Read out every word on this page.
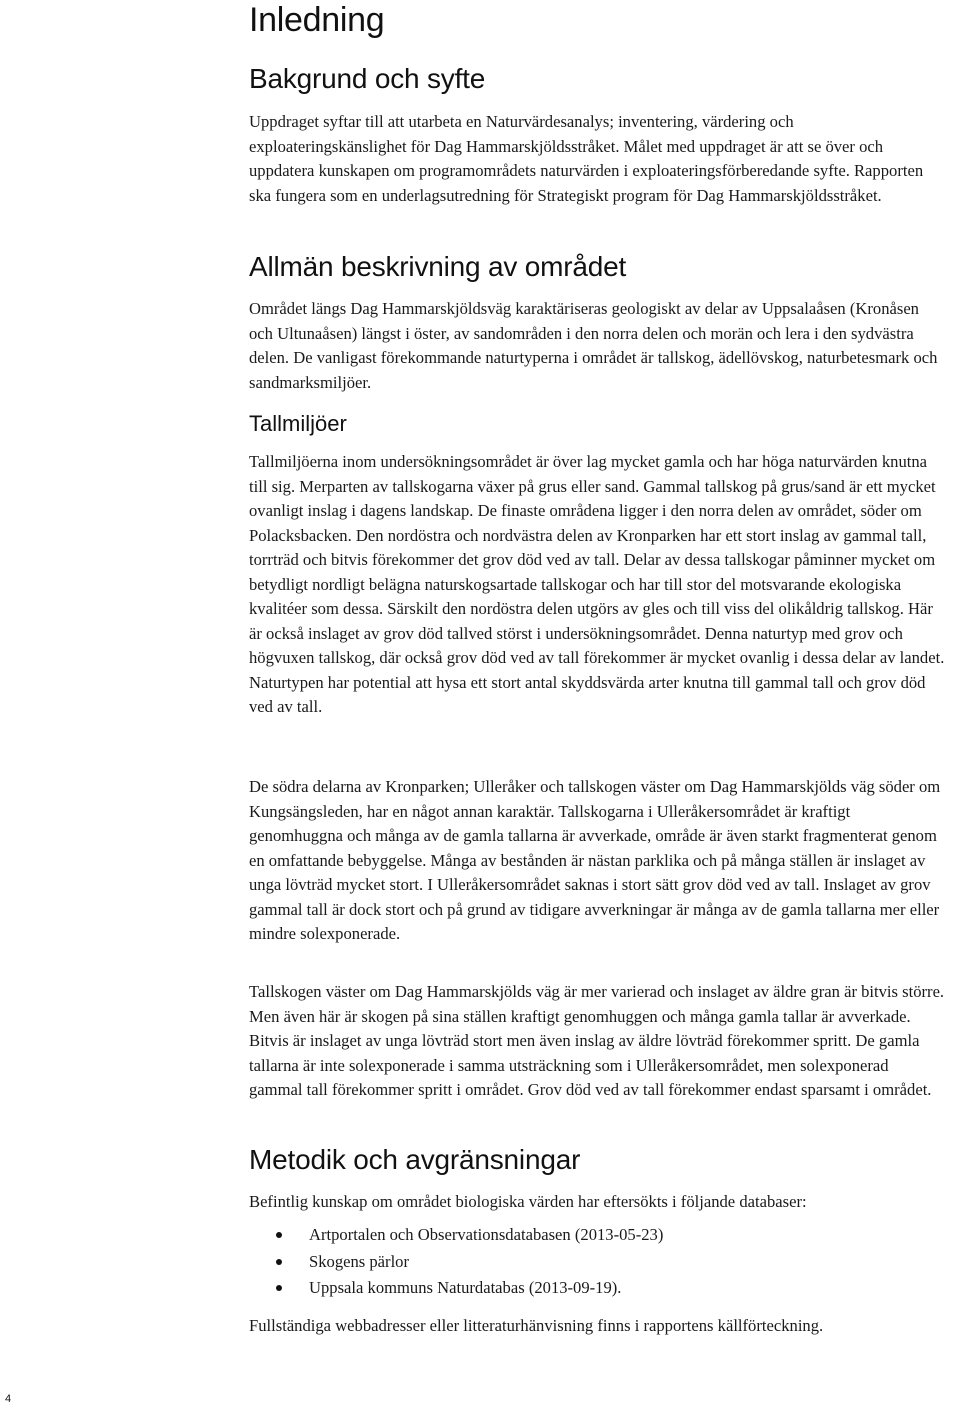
Inledning
Bakgrund och syfte

Uppdraget syftar till att utarbeta en Naturvärdesanalys; inventering, värdering och exploateringskänslighet för Dag Hammarskjöldsstråket. Målet med uppdraget är att se över och uppdatera kunskapen om programområdets naturvärden i exploateringsförberedande syfte. Rapporten ska fungera som en underlagsutredning för Strategiskt program för Dag Hammarskjöldsstråket.

Allmän beskrivning av området

Området längs Dag Hammarskjöldsväg karaktäriseras geologiskt av delar av Uppsalaåsen (Kronåsen och Ultunaåsen) längst i öster, av sandområden i den norra delen och morän och lera i den sydvästra delen. De vanligast förekommande naturtyperna i området är tallskog, ädellövskog, naturbetesmark och sandmarksmiljöer.

Tallmiljöer

Tallmiljöerna inom undersökningsområdet är över lag mycket gamla och har höga naturvärden knutna till sig. Merparten av tallskogarna växer på grus eller sand. Gammal tallskog på grus/sand är ett mycket ovanligt inslag i dagens landskap. De finaste områdena ligger i den norra delen av området, söder om Polacksbacken. Den nordöstra och nordvästra delen av Kronparken har ett stort inslag av gammal tall, torrträd och bitvis förekommer det grov död ved av tall. Delar av dessa tallskogar påminner mycket om betydligt nordligt belägna naturskogsartade tallskogar och har till stor del motsvarande ekologiska kvalitéer som dessa. Särskilt den nordöstra delen utgörs av gles och till viss del olikåldrig tallskog. Här är också inslaget av grov död tallved störst i undersökningsområdet. Denna naturtyp med grov och högvuxen tallskog, där också grov död ved av tall förekommer är mycket ovanlig i dessa delar av landet. Naturtypen har potential att hysa ett stort antal skyddsvärda arter knutna till gammal tall och grov död ved av tall.

De södra delarna av Kronparken; Ulleråker och tallskogen väster om Dag Hammarskjölds väg söder om Kungsängsleden, har en något annan karaktär. Tallskogarna i Ulleråkersområdet är kraftigt genomhuggna och många av de gamla tallarna är avverkade, område är även starkt fragmenterat genom en omfattande bebyggelse. Många av bestånden är nästan parklika och på många ställen är inslaget av unga lövträd mycket stort. I Ulleråkersområdet saknas i stort sätt grov död ved av tall. Inslaget av grov gammal tall är dock stort och på grund av tidigare avverkningar är många av de gamla tallarna mer eller mindre solexponerade.

Tallskogen väster om Dag Hammarskjölds väg är mer varierad och inslaget av äldre gran är bitvis större. Men även här är skogen på sina ställen kraftigt genomhuggen och många gamla tallar är avverkade. Bitvis är inslaget av unga lövträd stort men även inslag av äldre lövträd förekommer spritt. De gamla tallarna är inte solexponerade i samma utsträckning som i Ulleråkersområdet, men solexponerad gammal tall förekommer spritt i området. Grov död ved av tall förekommer endast sparsamt i området.

Metodik och avgränsningar

Befintlig kunskap om området biologiska värden har eftersökts i följande databaser:

Artportalen och Observationsdatabasen (2013-05-23)
Skogens pärlor
Uppsala kommuns Naturdatabas (2013-09-19).

Fullständiga webbadresser eller litteraturhänvisning finns i rapportens källförteckning.

4
